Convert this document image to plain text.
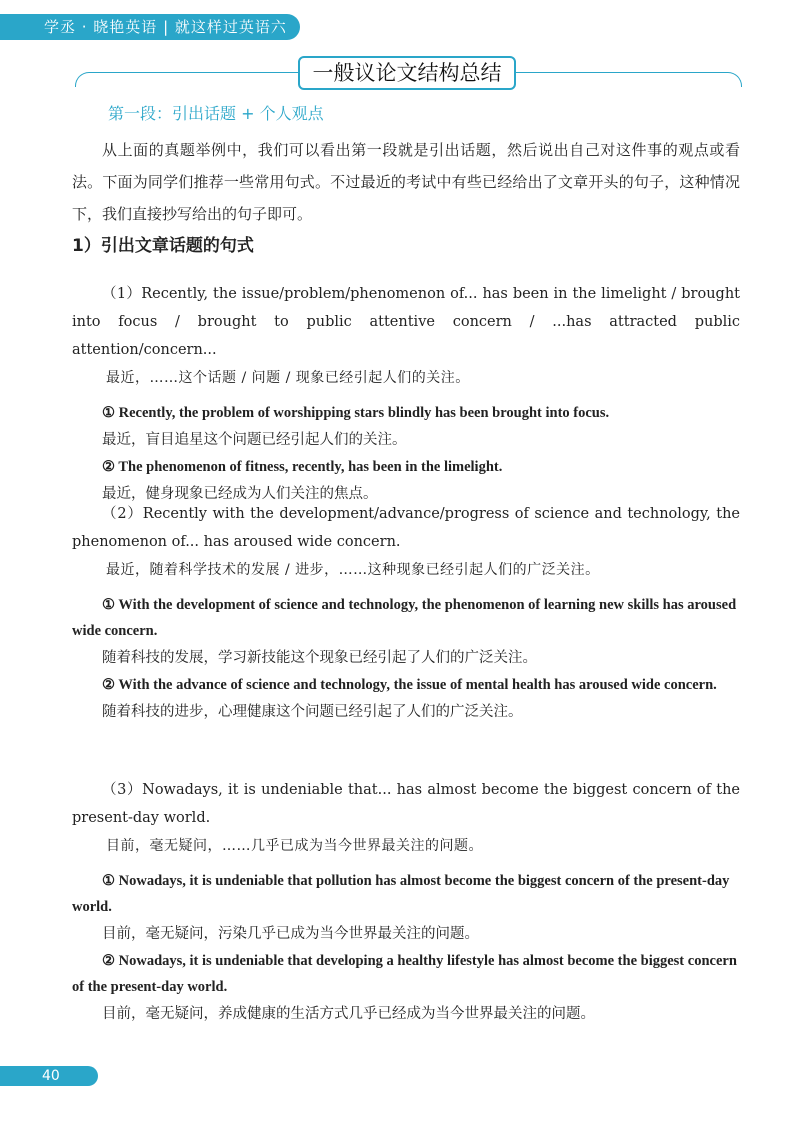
学丞 · 晓艳英语 | 就这样过英语六级
一般议论文结构总结
第一段：引出话题 + 个人观点
从上面的真题举例中，我们可以看出第一段就是引出话题，然后说出自己对这件事的观点或看法。下面为同学们推荐一些常用句式。不过最近的考试中有些已经给出了文章开头的句子，这种情况下，我们直接抄写给出的句子即可。
1）引出文章话题的句式
（1）Recently, the issue/problem/phenomenon of... has been in the limelight / brought into focus / brought to public attentive concern / ...has attracted public attention/concern...
最近，……这个话题 / 问题 / 现象已经引起人们的关注。
① Recently, the problem of worshipping stars blindly has been brought into focus.
最近，盲目追星这个问题已经引起人们的关注。
② The phenomenon of fitness, recently, has been in the limelight.
最近，健身现象已经成为人们关注的焦点。
（2）Recently with the development/advance/progress of science and technology, the phenomenon of... has aroused wide concern.
最近，随着科学技术的发展 / 进步，……这种现象已经引起人们的广泛关注。
① With the development of science and technology, the phenomenon of learning new skills has aroused wide concern.
随着科技的发展，学习新技能这个现象已经引起了人们的广泛关注。
② With the advance of science and technology, the issue of mental health has aroused wide concern.
随着科技的进步，心理健康这个问题已经引起了人们的广泛关注。
（3）Nowadays, it is undeniable that... has almost become the biggest concern of the present-day world.
目前，毫无疑问，……几乎已成为当今世界最关注的问题。
① Nowadays, it is undeniable that pollution has almost become the biggest concern of the present-day world.
目前，毫无疑问，污染几乎已成为当今世界最关注的问题。
② Nowadays, it is undeniable that developing a healthy lifestyle has almost become the biggest concern of the present-day world.
目前，毫无疑问，养成健康的生活方式几乎已经成为当今世界最关注的问题。
40
